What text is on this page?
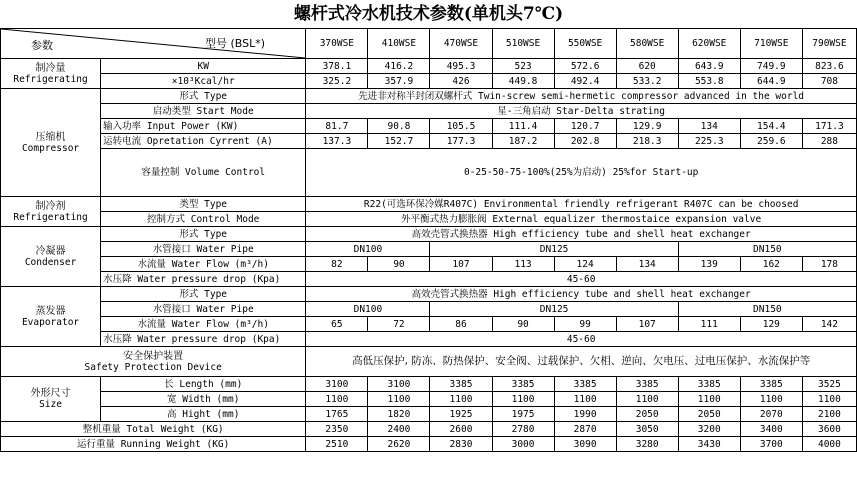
螺杆式冷水机技术参数(单机头7℃)
参数 型号 (BSL*)		370WSE	410WSE	470WSE	510WSE	550WSE	580WSE	620WSE	710WSE	790WSE

制冷量
Refrigerating	KW	378.1	416.2	495.3	523	572.6	620	643.9	749.9	823.6
	×10³Kcal/hr	325.2	357.9	426	449.8	492.4	533.2	553.8	644.9	708

压缩机
Compressor	形式 Type	先进非对称半封闭双螺杆式 Twin-screw semi-hermetic compressor advanced in the world								
	启动类型 Start Mode	星-三角启动 Star-Delta strating								
	输入功率 Input Power (KW)	81.7	90.8	105.5	111.4	120.7	129.9	134	154.4	171.3
	运转电流 Opretation Cyrrent (A)	137.3	152.7	177.3	187.2	202.8	218.3	225.3	259.6	288
	容量控制 Volume Control	0-25-50-75-100%(25%为启动) 25%for Start-up								

制冷剂
Refrigerating	类型 Type	R22(可选环保冷媒R407C) Environmental friendly refrigerant R407C can be choosed								
	控制方式 Control Mode	外平衡式热力膨胀阀 External equalizer thermostaice expansion valve								

冷凝器
Condenser	形式 Type	高效壳管式换热器 High efficiency tube and shell heat exchanger								
	水管接口 Water Pipe	DN100		DN125				DN150		
	水流量 Water Flow (m³/h)	82	90	107	113	124	134	139	162	178
	水压降 Water pressure drop (Kpa)	45-60								

蒸发器
Evaporator	形式 Type	高效壳管式换热器 High efficiency tube and shell heat exchanger								
	水管接口 Water Pipe	DN100		DN125				DN150		
	水流量 Water Flow (m³/h)	65	72	86	90	99	107	111	129	142
	水压降 Water pressure drop (Kpa)	45-60								

安全保护装置
Safety Protection Device		高低压保护, 防冻、防热保护、安全阀、过载保护、欠相、逆向、欠电压、过电压保护、水流保护等								

外形尺寸
Size	长 Length (mm)	3100	3100	3385	3385	3385	3385	3385	3385	3525
	宽 Width (mm)	1100	1100	1100	1100	1100	1100	1100	1100	1100
	高 Hight (mm)	1765	1820	1925	1975	1990	2050	2050	2070	2100
整机重量 Total Weight (KG)		2350	2400	2600	2780	2870	3050	3200	3400	3600
运行重量 Running Weight (KG)		2510	2620	2830	3000	3090	3280	3430	3700	4000
